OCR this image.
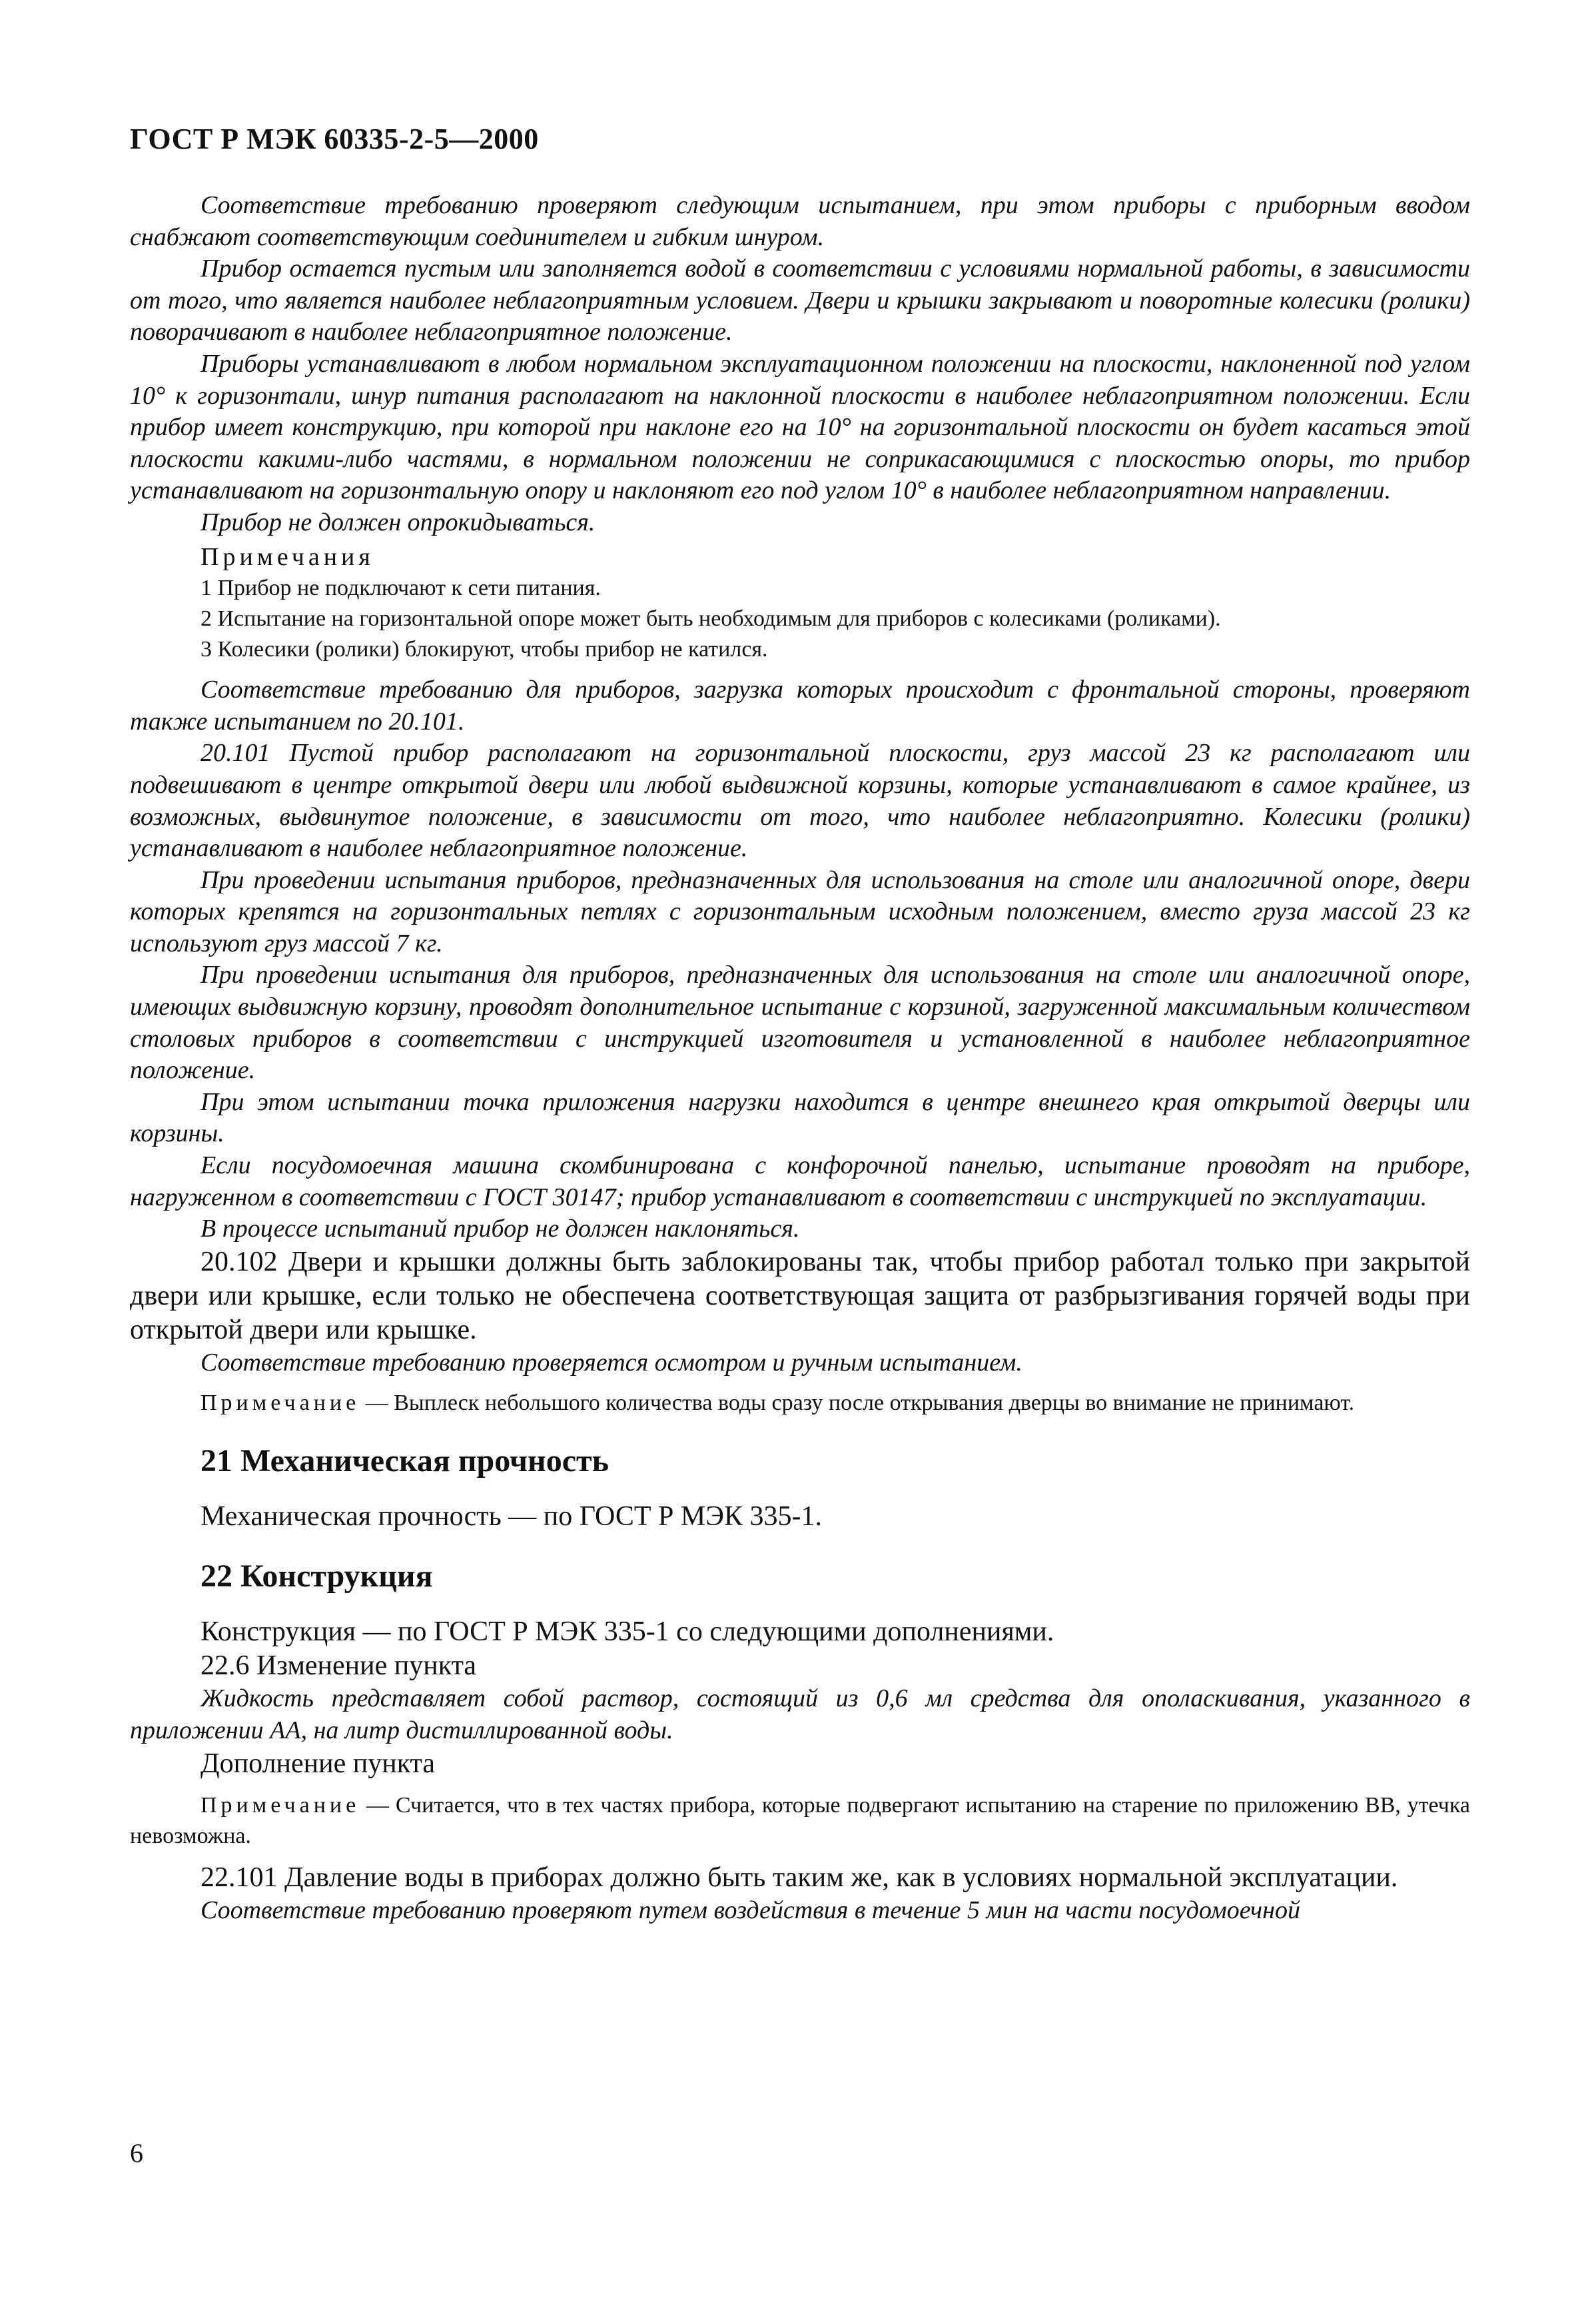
ГОСТ Р МЭК 60335-2-5—2000

Соответствие требованию проверяют следующим испытанием, при этом приборы с приборным вводом снабжают соответствующим соединителем и гибким шнуром.

Прибор остается пустым или заполняется водой в соответствии с условиями нормальной работы, в зависимости от того, что является наиболее неблагоприятным условием. Двери и крышки закрывают и поворотные колесики (ролики) поворачивают в наиболее неблагоприятное положение.

Приборы устанавливают в любом нормальном эксплуатационном положении на плоскости, наклоненной под углом 10° к горизонтали, шнур питания располагают на наклонной плоскости в наиболее неблагоприятном положении. Если прибор имеет конструкцию, при которой при наклоне его на 10° на горизонтальной плоскости он будет касаться этой плоскости какими-либо частями, в нормальном положении не соприкасающимися с плоскостью опоры, то прибор устанавливают на горизонтальную опору и наклоняют его под углом 10° в наиболее неблагоприятном направлении.

Прибор не должен опрокидываться.

Примечания

1 Прибор не подключают к сети питания.

2 Испытание на горизонтальной опоре может быть необходимым для приборов с колесиками (роликами).

3 Колесики (ролики) блокируют, чтобы прибор не катился.

Соответствие требованию для приборов, загрузка которых происходит с фронтальной стороны, проверяют также испытанием по 20.101.

20.101 Пустой прибор располагают на горизонтальной плоскости, груз массой 23 кг располагают или подвешивают в центре открытой двери или любой выдвижной корзины, которые устанавливают в самое крайнее, из возможных, выдвинутое положение, в зависимости от того, что наиболее неблагоприятно. Колесики (ролики) устанавливают в наиболее неблагоприятное положение.

При проведении испытания приборов, предназначенных для использования на столе или аналогичной опоре, двери которых крепятся на горизонтальных петлях с горизонтальным исходным положением, вместо груза массой 23 кг используют груз массой 7 кг.

При проведении испытания для приборов, предназначенных для использования на столе или аналогичной опоре, имеющих выдвижную корзину, проводят дополнительное испытание с корзиной, загруженной максимальным количеством столовых приборов в соответствии с инструкцией изготовителя и установленной в наиболее неблагоприятное положение.

При этом испытании точка приложения нагрузки находится в центре внешнего края открытой дверцы или корзины.

Если посудомоечная машина скомбинирована с конфорочной панелью, испытание проводят на приборе, нагруженном в соответствии с ГОСТ 30147; прибор устанавливают в соответствии с инструкцией по эксплуатации.

В процессе испытаний прибор не должен наклоняться.

20.102 Двери и крышки должны быть заблокированы так, чтобы прибор работал только при закрытой двери или крышке, если только не обеспечена соответствующая защита от разбрызгивания горячей воды при открытой двери или крышке.

Соответствие требованию проверяется осмотром и ручным испытанием.

Примечание — Выплеск небольшого количества воды сразу после открывания дверцы во внимание не принимают.

21 Механическая прочность

Механическая прочность — по ГОСТ Р МЭК 335-1.

22 Конструкция

Конструкция — по ГОСТ Р МЭК 335-1 со следующими дополнениями.

22.6 Изменение пункта

Жидкость представляет собой раствор, состоящий из 0,6 мл средства для ополаскивания, указанного в приложении АА, на литр дистиллированной воды.

Дополнение пункта

Примечание — Считается, что в тех частях прибора, которые подвергают испытанию на старение по приложению ВВ, утечка невозможна.

22.101 Давление воды в приборах должно быть таким же, как в условиях нормальной эксплуатации.

Соответствие требованию проверяют путем воздействия в течение 5 мин на части посудомоечной

6
